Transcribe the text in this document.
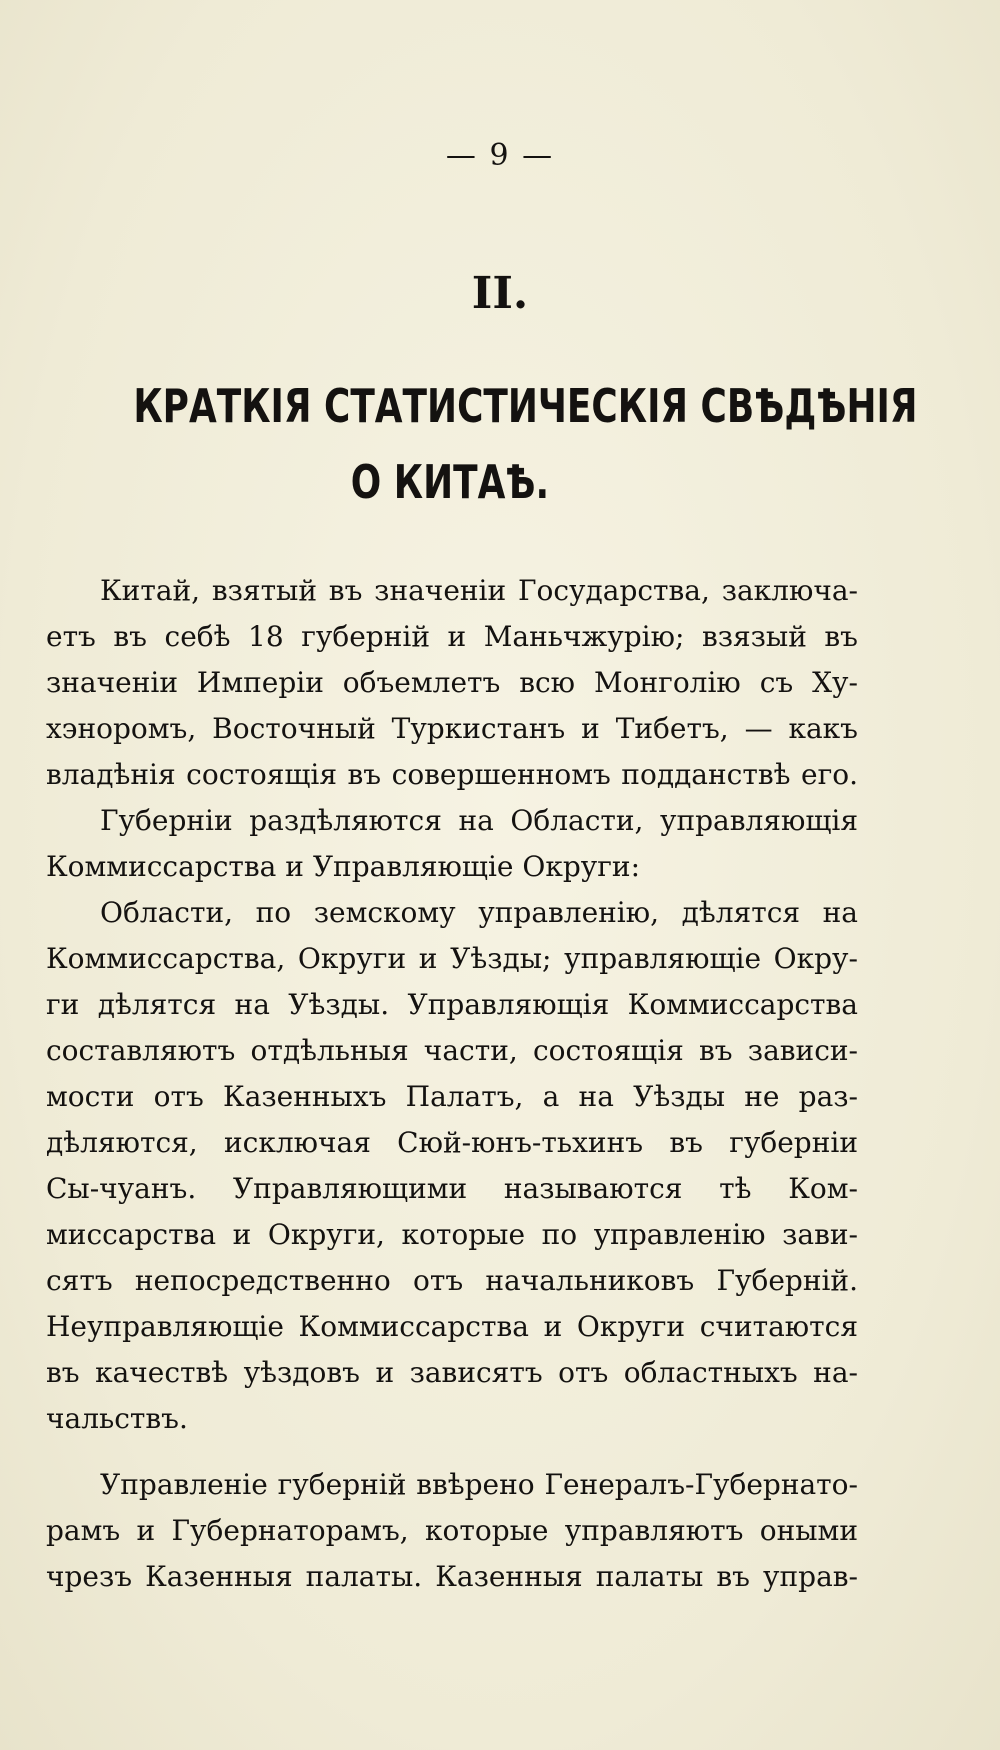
— 9 —
II.
КРАТКІЯ СТАТИСТИЧЕСКІЯ СВѢДѢНІЯ
О КИТАѢ.
Китай, взятый въ значеніи Государства, заключа-
етъ въ себѣ 18 губерній и Маньчжурію; взязый въ
значеніи Имперіи объемлетъ всю Монголію съ Ху-
хэноромъ, Восточный Туркистанъ и Тибетъ, — какъ
владѣнія состоящія въ совершенномъ подданствѣ его.
Губерніи раздѣляются на Области, управляющія
Коммиссарства и Управляющіе Округи:
Области, по земскому управленію, дѣлятся на
Коммиссарства, Округи и Уѣзды; управляющіе Окру-
ги дѣлятся на Уѣзды. Управляющія Коммиссарства
составляютъ отдѣльныя части, состоящія въ зависи-
мости отъ Казенныхъ Палатъ, а на Уѣзды не раз-
дѣляются, исключая Сюй-юнъ-тьхинъ въ губерніи
Сы-чуанъ. Управляющими называются тѣ Ком-
миссарства и Округи, которые по управленію зави-
сятъ непосредственно отъ начальниковъ Губерній.
Неуправляющіе Коммиссарства и Округи считаются
въ качествѣ уѣздовъ и зависятъ отъ областныхъ на-
чальствъ.
Управленіе губерній ввѣрено Генералъ-Губернато-
рамъ и Губернаторамъ, которые управляютъ оными
чрезъ Казенныя палаты. Казенныя палаты въ управ-
